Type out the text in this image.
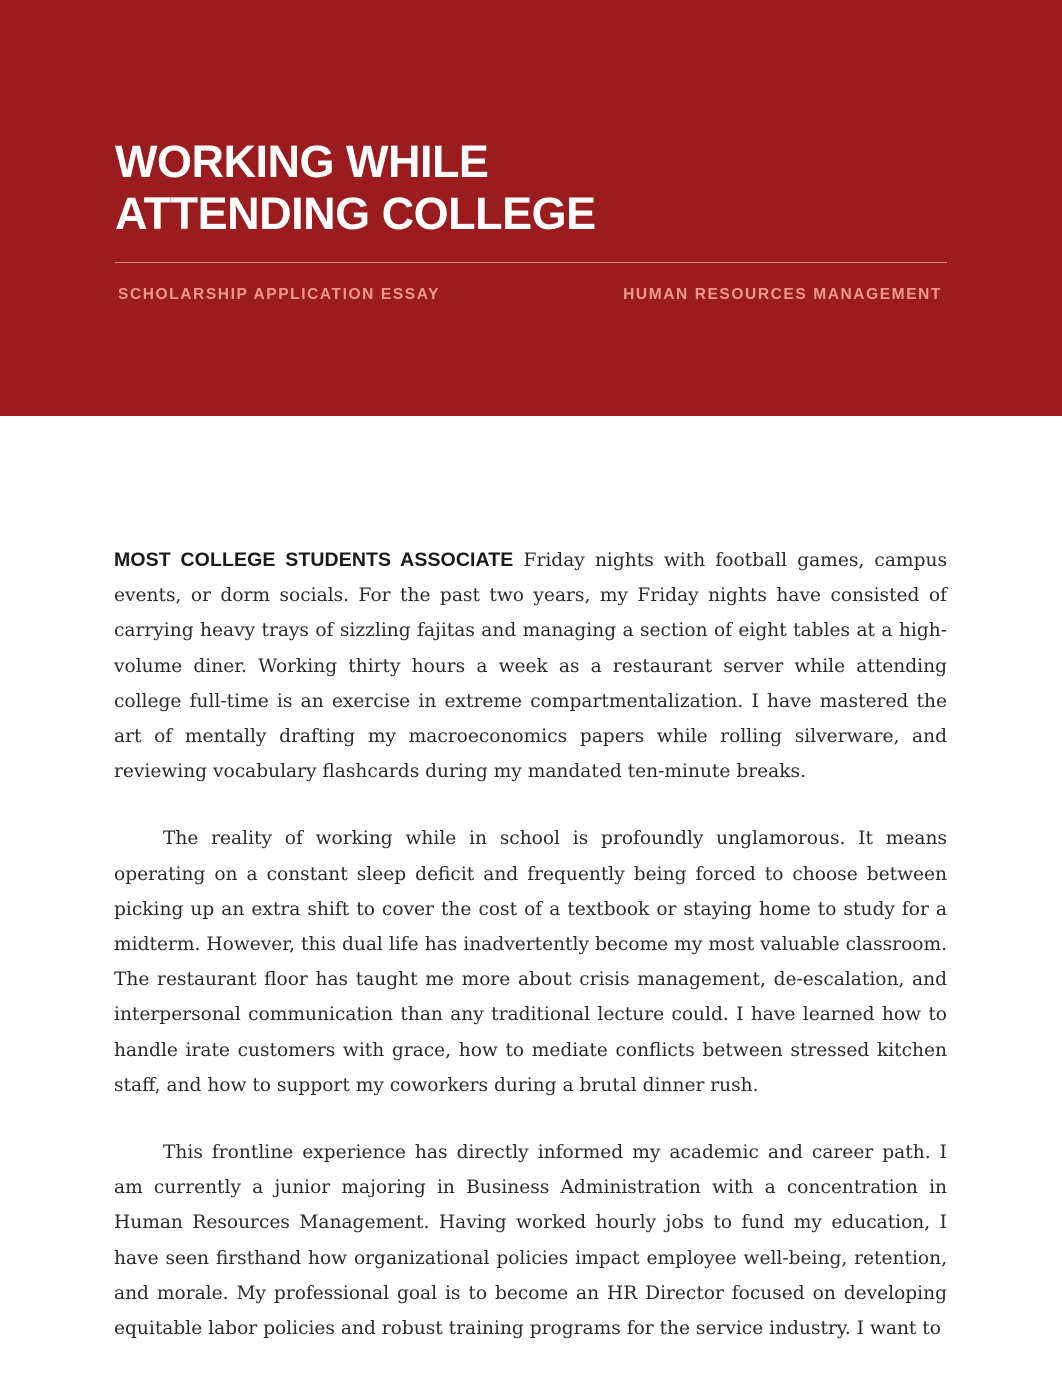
WORKING WHILE
ATTENDING COLLEGE
SCHOLARSHIP APPLICATION ESSAY	HUMAN RESOURCES MANAGEMENT

MOST COLLEGE STUDENTS ASSOCIATE Friday nights with football games, campus events, or dorm socials. For the past two years, my Friday nights have consisted of carrying heavy trays of sizzling fajitas and managing a section of eight tables at a high-volume diner. Working thirty hours a week as a restaurant server while attending college full-time is an exercise in extreme compartmentalization. I have mastered the art of mentally drafting my macroeconomics papers while rolling silverware, and reviewing vocabulary flashcards during my mandated ten-minute breaks.

The reality of working while in school is profoundly unglamorous. It means operating on a constant sleep deficit and frequently being forced to choose between picking up an extra shift to cover the cost of a textbook or staying home to study for a midterm. However, this dual life has inadvertently become my most valuable classroom. The restaurant floor has taught me more about crisis management, de-escalation, and interpersonal communication than any traditional lecture could. I have learned how to handle irate customers with grace, how to mediate conflicts between stressed kitchen staff, and how to support my coworkers during a brutal dinner rush.

This frontline experience has directly informed my academic and career path. I am currently a junior majoring in Business Administration with a concentration in Human Resources Management. Having worked hourly jobs to fund my education, I have seen firsthand how organizational policies impact employee well-being, retention, and morale. My professional goal is to become an HR Director focused on developing equitable labor policies and robust training programs for the service industry. I want to
